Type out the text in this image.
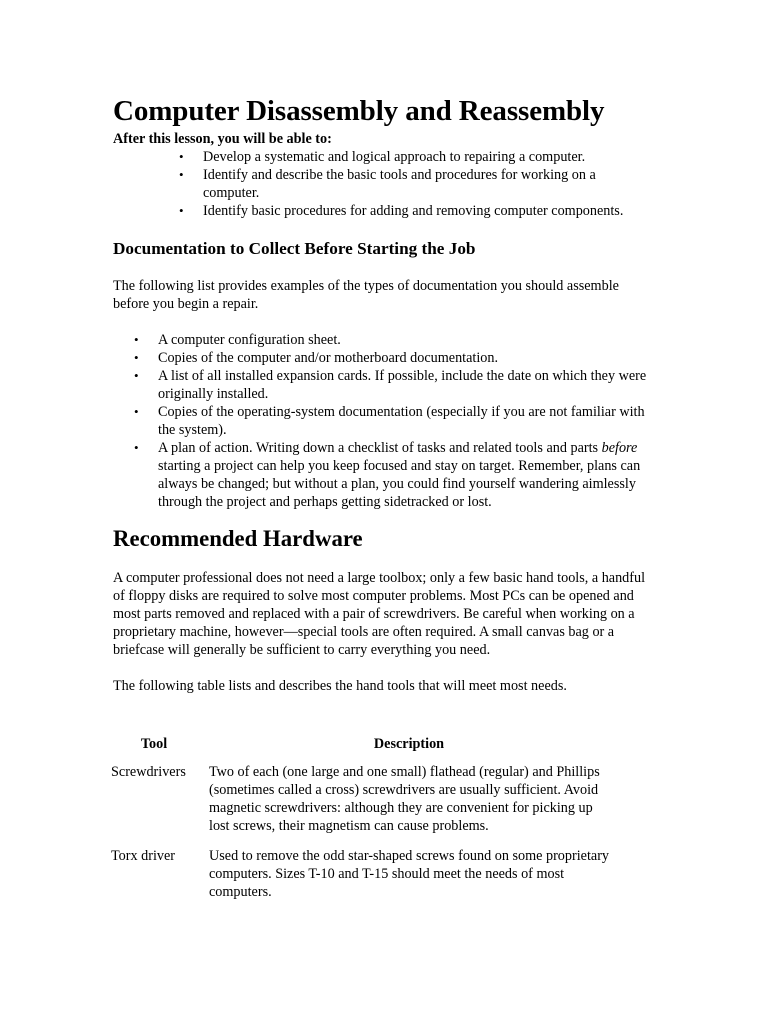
Computer Disassembly and Reassembly

After this lesson, you will be able to:

• Develop a systematic and logical approach to repairing a computer.
• Identify and describe the basic tools and procedures for working on a computer.
• Identify basic procedures for adding and removing computer components.
Documentation to Collect Before Starting the Job

The following list provides examples of the types of documentation you should assemble before you begin a repair.

• A computer configuration sheet.
• Copies of the computer and/or motherboard documentation.
• A list of all installed expansion cards. If possible, include the date on which they were originally installed.
• Copies of the operating-system documentation (especially if you are not familiar with the system).
• A plan of action. Writing down a checklist of tasks and related tools and parts before starting a project can help you keep focused and stay on target. Remember, plans can always be changed; but without a plan, you could find yourself wandering aimlessly through the project and perhaps getting sidetracked or lost.
Recommended Hardware

A computer professional does not need a large toolbox; only a few basic hand tools, a handful of floppy disks are required to solve most computer problems. Most PCs can be opened and most parts removed and replaced with a pair of screwdrivers. Be careful when working on a proprietary machine, however—special tools are often required. A small canvas bag or a briefcase will generally be sufficient to carry everything you need.

The following table lists and describes the hand tools that will meet most needs.

Tool	Description
Screwdrivers	Two of each (one large and one small) flathead (regular) and Phillips (sometimes called a cross) screwdrivers are usually sufficient. Avoid magnetic screwdrivers: although they are convenient for picking up lost screws, their magnetism can cause problems.
Torx driver	Used to remove the odd star-shaped screws found on some proprietary computers. Sizes T-10 and T-15 should meet the needs of most computers.
